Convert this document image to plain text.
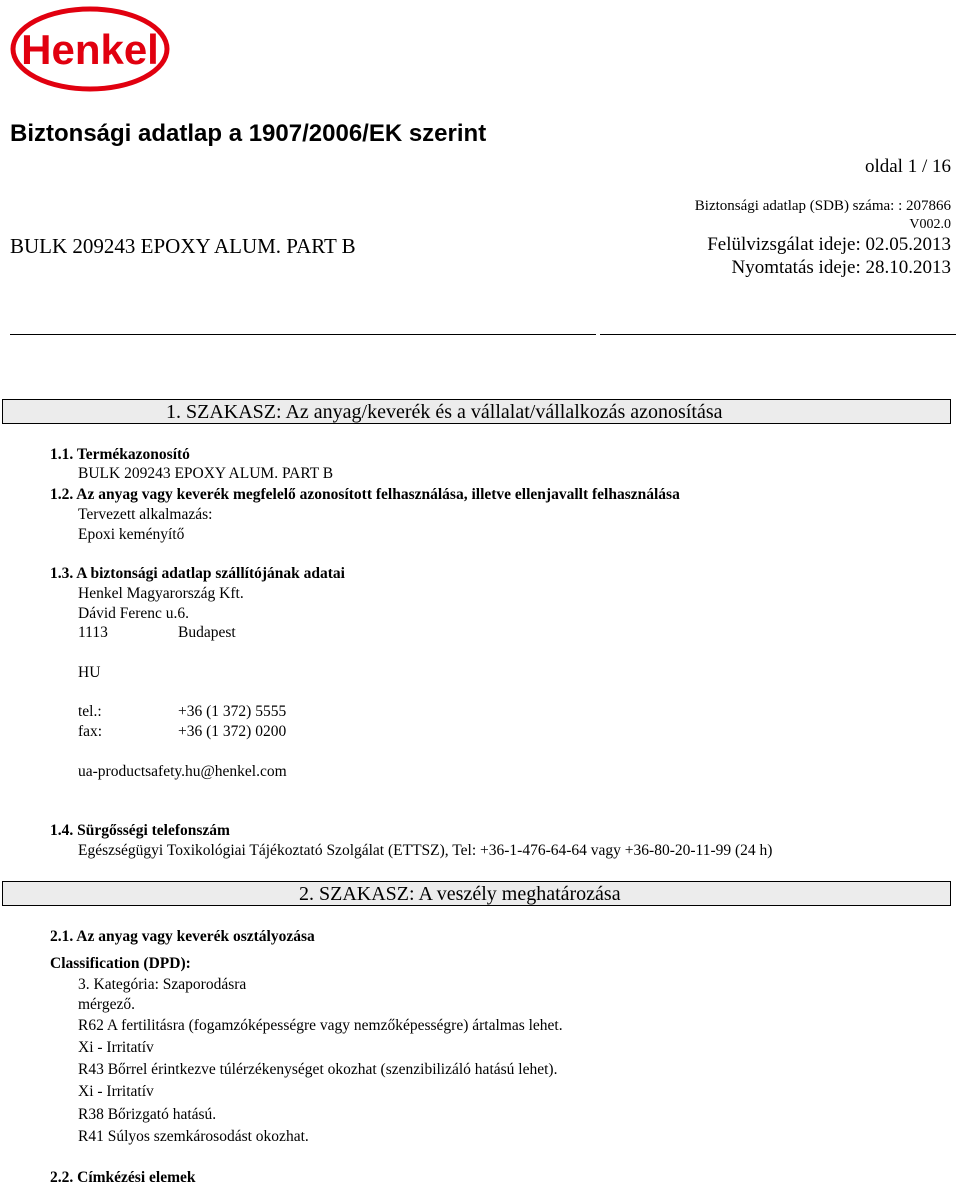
Henkel
Biztonsági adatlap a 1907/2006/EK szerint
oldal 1 / 16
Biztonsági adatlap (SDB) száma: : 207866
V002.0
BULK 209243 EPOXY ALUM. PART B	Felülvizsgálat ideje: 02.05.2013
Nyomtatás ideje: 28.10.2013
1. SZAKASZ: Az anyag/keverék és a vállalat/vállalkozás azonosítása
1.1. Termékazonosító
BULK 209243 EPOXY ALUM. PART B
1.2. Az anyag vagy keverék megfelelő azonosított felhasználása, illetve ellenjavallt felhasználása
Tervezett alkalmazás:
Epoxi keményítő
1.3. A biztonsági adatlap szállítójának adatai
Henkel Magyarország Kft.
Dávid Ferenc u.6.
1113	Budapest
HU
tel.:	+36 (1 372) 5555
fax:	+36 (1 372) 0200
ua-productsafety.hu@henkel.com
1.4. Sürgősségi telefonszám
Egészségügyi Toxikológiai Tájékoztató Szolgálat (ETTSZ), Tel: +36-1-476-64-64 vagy +36-80-20-11-99 (24 h)
2. SZAKASZ: A veszély meghatározása
2.1. Az anyag vagy keverék osztályozása
Classification (DPD):
3. Kategória: Szaporodásra
mérgező.
R62 A fertilitásra (fogamzóképességre vagy nemzőképességre) ártalmas lehet.
Xi - Irritatív
R43 Bőrrel érintkezve túlérzékenységet okozhat (szenzibilizáló hatású lehet).
Xi - Irritatív
R38 Bőrizgató hatású.
R41 Súlyos szemkárosodást okozhat.
2.2. Címkézési elemek
